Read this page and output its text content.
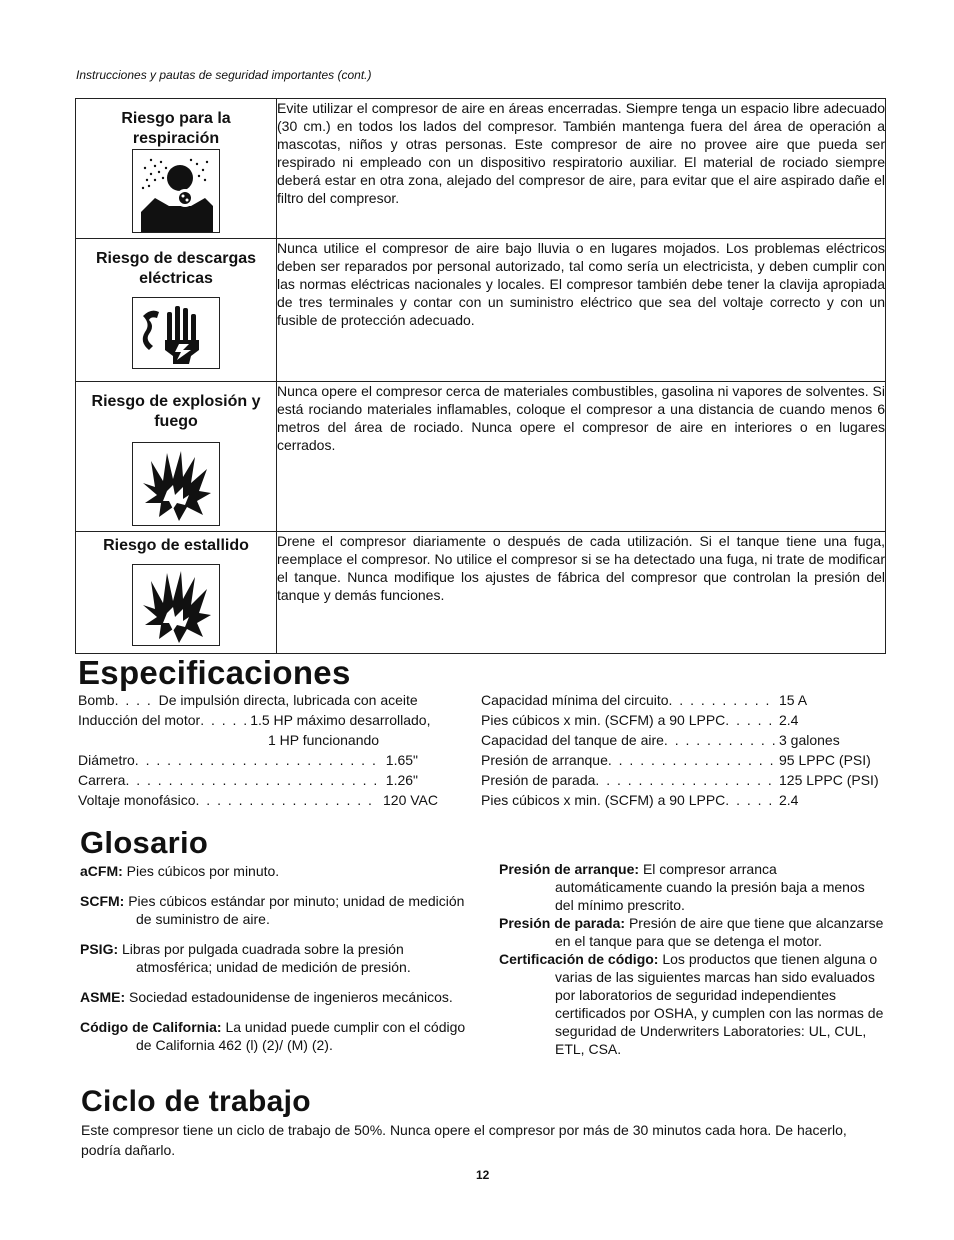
Instrucciones y pautas de seguridad importantes (cont.)
Riesgo para la respiración	Evite utilizar el compresor de aire en áreas encerradas. Siempre tenga un espacio libre adecuado (30 cm.) en todos los lados del compresor. También mantenga fuera del área de operación a mascotas, niños y otras personas. Este compresor de aire no provee aire que pueda ser respirado ni empleado con un dispositivo respiratorio auxiliar. El material de rociado siempre deberá estar en otra zona, alejado del compresor de aire, para evitar que el aire aspirado dañe el filtro del compresor.

Riesgo de descargas eléctricas	Nunca utilice el compresor de aire bajo lluvia o en lugares mojados. Los problemas eléctricos deben ser reparados por personal autorizado, tal como sería un electricista, y deben cumplir con las normas eléctricas nacionales y locales. El compresor también debe tener la clavija apropiada de tres terminales y contar con un suministro eléctrico que sea del voltaje correcto y con un fusible de protección adecuado.

Riesgo de explosión y fuego	Nunca opere el compresor cerca de materiales combustibles, gasolina ni vapores de solventes. Si está rociando materiales inflamables, coloque el compresor a una distancia de cuando menos 6 metros del área de rociado. Nunca opere el compresor de aire en interiores o en lugares cerrados.

Riesgo de estallido	Drene el compresor diariamente o después de cada utilización. Si el tanque tiene una fuga, reemplace el compresor. No utilice el compresor si se ha detectado una fuga, ni trate de modificar el tanque. Nunca modifique los ajustes de fábrica del compresor que controlan la presión del tanque y demás funciones.
Especificaciones
Bomb . . .	De impulsión directa, lubricada con aceite
Inducción del motor . . .	1.5 HP máximo desarrollado,
1 HP funcionando
Diámetro . . .	1.65"
Carrera . . .	1.26"
Voltaje monofásico . . .	120 VAC
Capacidad mínima del circuito . . .	15 A
Pies cúbicos x min. (SCFM) a 90 LPPC . . .	2.4
Capacidad del tanque de aire . . .	3 galones
Presión de arranque . . .	95 LPPC (PSI)
Presión de parada . . .	125 LPPC (PSI)
Pies cúbicos x min. (SCFM) a 90 LPPC . . .	2.4
Glosario
aCFM: Pies cúbicos por minuto.
SCFM: Pies cúbicos estándar por minuto; unidad de medición de suministro de aire.
PSIG: Libras por pulgada cuadrada sobre la presión atmosférica; unidad de medición de presión.
ASME: Sociedad estadounidense de ingenieros mecánicos.
Código de California: La unidad puede cumplir con el código de California 462 (l) (2)/ (M) (2).
Presión de arranque: El compresor arranca automáticamente cuando la presión baja a menos del mínimo prescrito.
Presión de parada: Presión de aire que tiene que alcanzarse en el tanque para que se detenga el motor.
Certificación de código: Los productos que tienen alguna o varias de las siguientes marcas han sido evaluados por laboratorios de seguridad independientes certificados por OSHA, y cumplen con las normas de seguridad de Underwriters Laboratories: UL, CUL, ETL, CSA.
Ciclo de trabajo
Este compresor tiene un ciclo de trabajo de 50%. Nunca opere el compresor por más de 30 minutos cada hora. De hacerlo, podría dañarlo.
12
